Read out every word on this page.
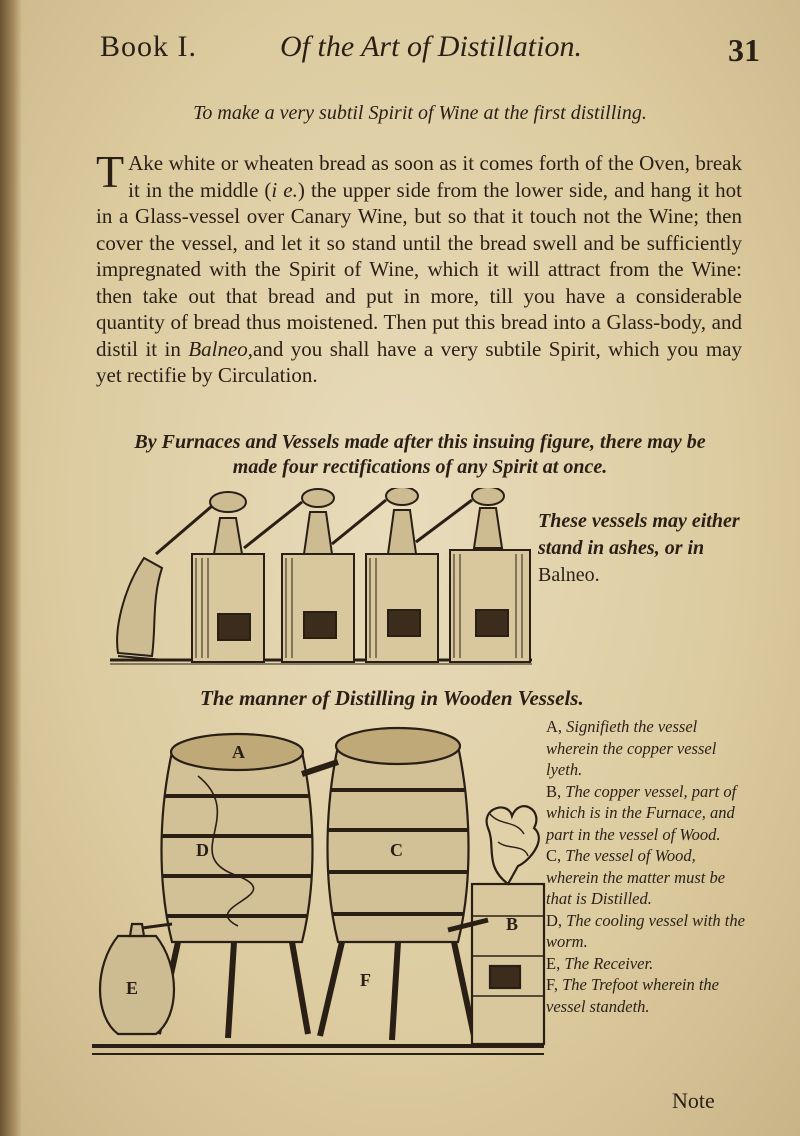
Book I.	Of the Art of Distillation.	31
To make a very subtil Spirit of Wine at the first distilling.
T Ake white or wheaten bread as soon as it comes forth of the Oven, break it in the middle (i e.) the upper side from the lower side, and hang it hot in a Glass-vessel over Canary Wine, but so that it touch not the Wine; then cover the vessel, and let it so stand until the bread swell and be sufficiently impregnated with the Spirit of Wine, which it will attract from the Wine: then take out that bread and put in more, till you have a considerable quantity of bread thus moistened. Then put this bread into a Glass-body, and distil it in Balneo,and you shall have a very subtile Spirit, which you may yet rectifie by Circulation.
By Furnaces and Vessels made after this insuing figure, there may be made four rectifications of any Spirit at once.
These vessels may either stand in ashes, or in Balneo.
The manner of Distilling in Wooden Vessels.
A
B
C
D
E	F

A, Signifieth the vessel wherein the copper vessel lyeth.

B, The copper vessel, part of which is in the Furnace, and part in the vessel of Wood.

C, The vessel of Wood, wherein the matter must be that is Distilled.

D, The cooling vessel with the worm.

E, The Receiver.

F, The Trefoot wherein the vessel standeth.

Note
